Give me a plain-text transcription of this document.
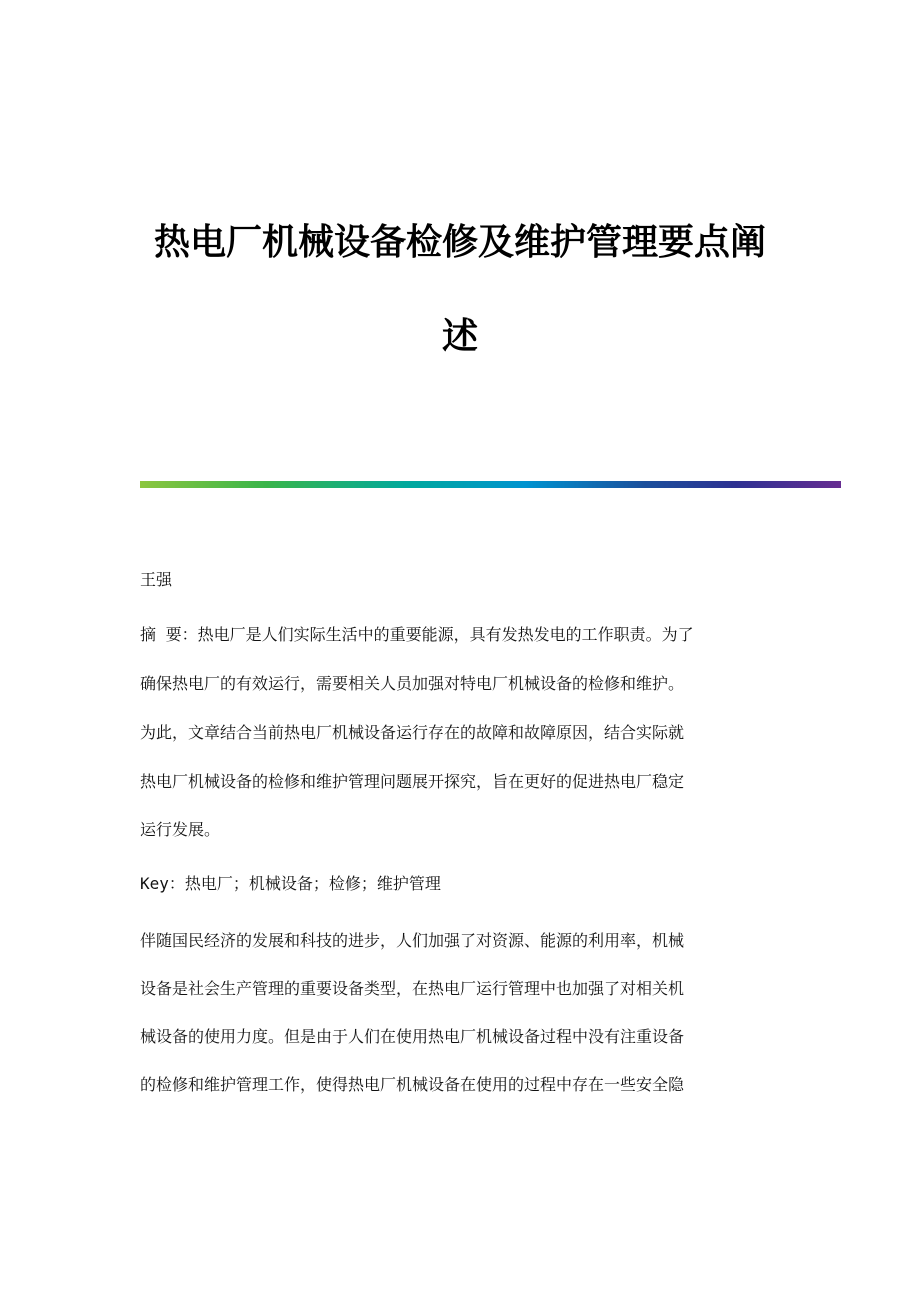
热电厂机械设备检修及维护管理要点阐
述

王强

摘 要：热电厂是人们实际生活中的重要能源，具有发热发电的工作职责。为了

确保热电厂的有效运行，需要相关人员加强对特电厂机械设备的检修和维护。

为此，文章结合当前热电厂机械设备运行存在的故障和故障原因，结合实际就

热电厂机械设备的检修和维护管理问题展开探究，旨在更好的促进热电厂稳定

运行发展。

Key：热电厂；机械设备；检修；维护管理

伴随国民经济的发展和科技的进步，人们加强了对资源、能源的利用率，机械

设备是社会生产管理的重要设备类型，在热电厂运行管理中也加强了对相关机

械设备的使用力度。但是由于人们在使用热电厂机械设备过程中没有注重设备

的检修和维护管理工作，使得热电厂机械设备在使用的过程中存在一些安全隐
